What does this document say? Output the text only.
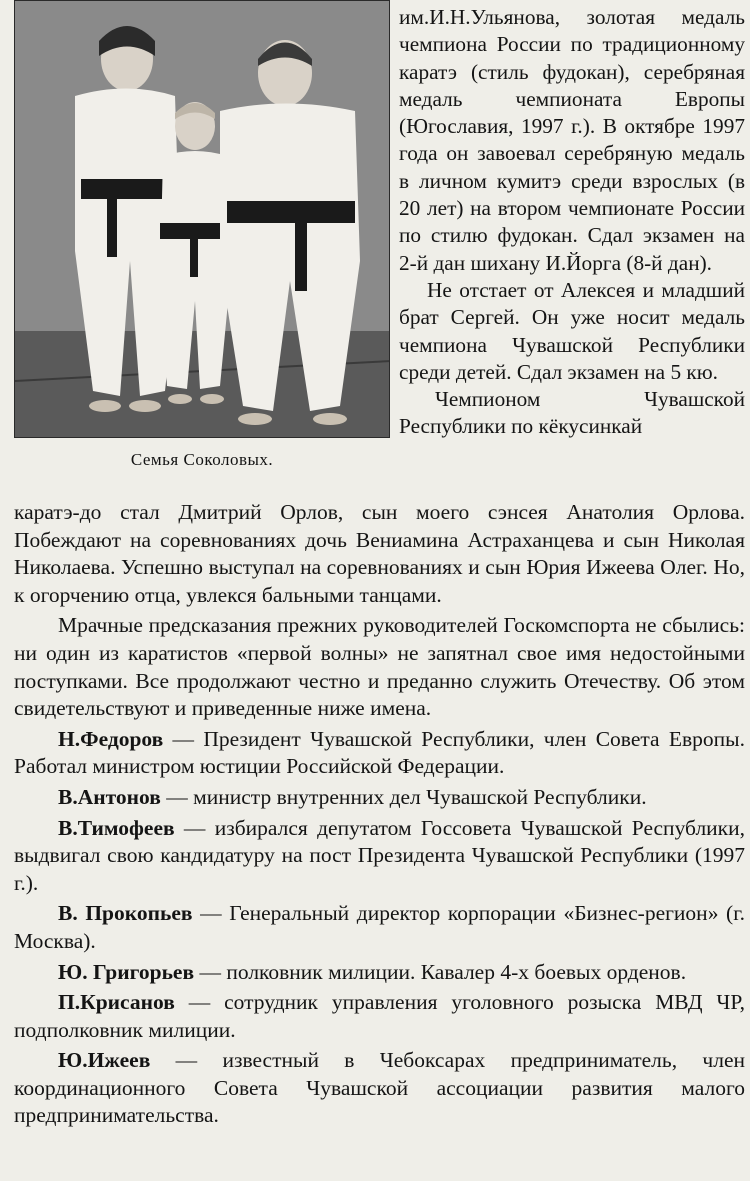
Семья Соколовых.

им.И.Н.Ульянова, золотая медаль чемпиона России по традиционному каратэ (стиль фудокан), серебряная медаль чемпионата Европы (Югославия, 1997 г.). В октябре 1997 года он завоевал серебряную медаль в личном кумитэ среди взрослых (в 20 лет) на втором чемпионате России по стилю фудокан. Сдал экзамен на 2-й дан шихану И.Йорга (8-й дан).

Не отстает от Алексея и младший брат Сергей. Он уже носит медаль чемпиона Чувашской Республики среди детей. Сдал экзамен на 5 кю.

Чемпионом Чувашской Республики по кёкусинкай

каратэ-до стал Дмитрий Орлов, сын моего сэнсея Анатолия Орлова. Побеждают на соревнованиях дочь Вениамина Астраханцева и сын Николая Николаева. Успешно выступал на соревнованиях и сын Юрия Ижеева Олег. Но, к огорчению отца, увлекся бальными танцами.

Мрачные предсказания прежних руководителей Госкомспорта не сбылись: ни один из каратистов «первой волны» не запятнал свое имя недостойными поступками. Все продолжают честно и преданно служить Отечеству. Об этом свидетельствуют и приведенные ниже имена.

Н.Федоров — Президент Чувашской Республики, член Совета Европы. Работал министром юстиции Российской Федерации.

В.Антонов — министр внутренних дел Чувашской Республики.

В.Тимофеев — избирался депутатом Госсовета Чувашской Республики, выдвигал свою кандидатуру на пост Президента Чувашской Республики (1997 г.).

В. Прокопьев — Генеральный директор корпорации «Бизнес-регион» (г. Москва).

Ю. Григорьев — полковник милиции. Кавалер 4-х боевых орденов.

П.Крисанов — сотрудник управления уголовного розыска МВД ЧР, подполковник милиции.

Ю.Ижеев — известный в Чебоксарах предприниматель, член координационного Совета Чувашской ассоциации развития малого предпринимательства.
